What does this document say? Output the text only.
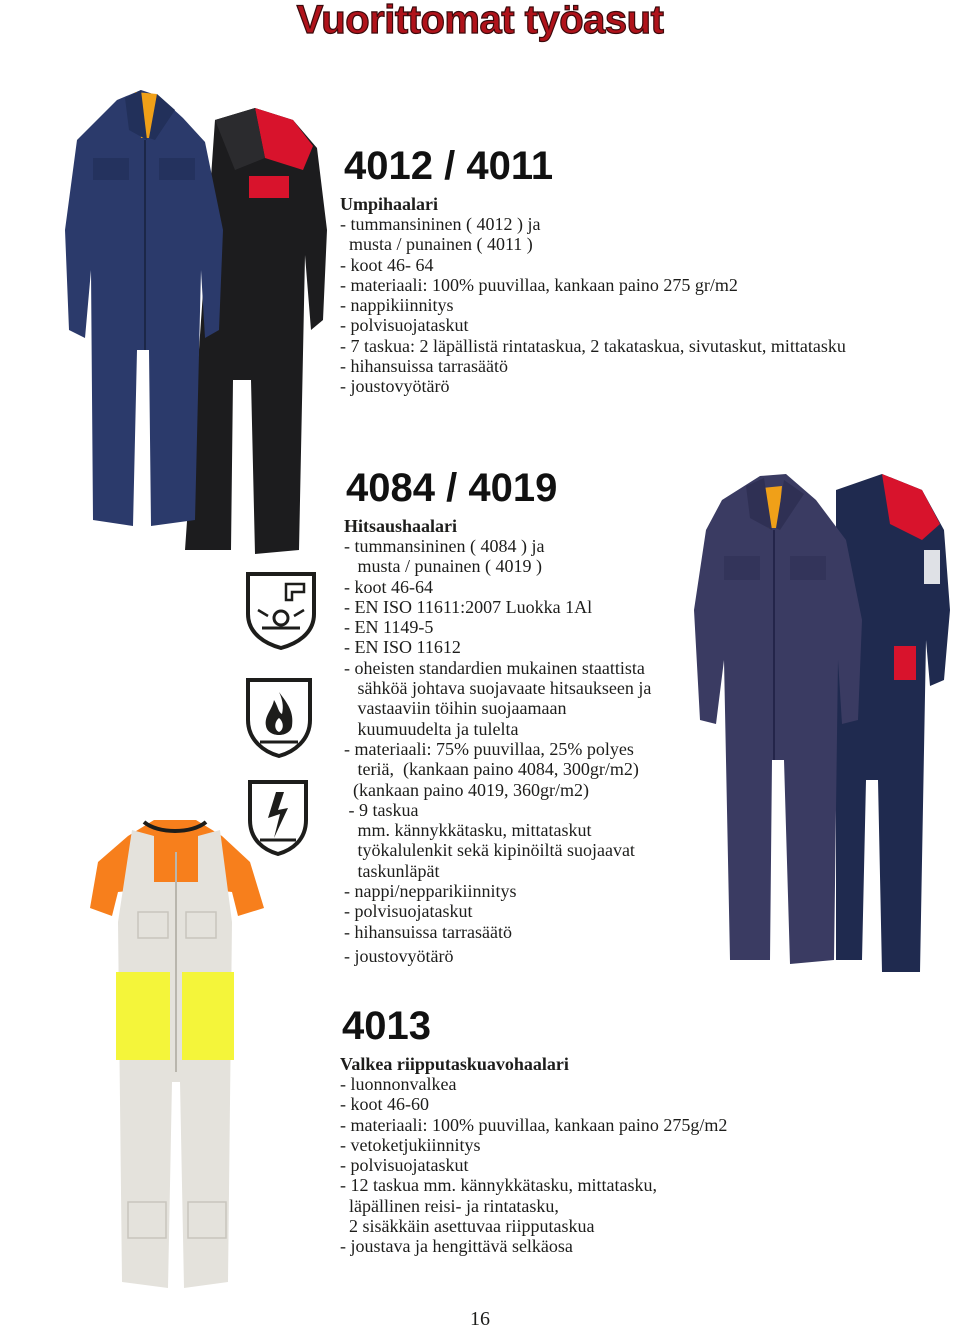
Vuorittomat työasut
4012 / 4011
Umpihaalari
- tummansininen ( 4012 ) ja
musta / punainen ( 4011 )
- koot 46- 64
- materiaali: 100% puuvillaa, kankaan paino 275 gr/m2
- nappikiinnitys
- polvisuojataskut
- 7 taskua: 2 läpällistä rintataskua, 2 takataskua, sivutaskut, mittatasku
- hihansuissa tarrasäätö
- joustovyötärö
4084 / 4019
Hitsaushaalari
- tummansininen ( 4084 ) ja
musta / punainen ( 4019 )
- koot 46-64
- EN ISO 11611:2007 Luokka 1Al
- EN 1149-5
- EN ISO 11612
- oheisten standardien mukainen staattista
sähköä johtava suojavaate hitsaukseen ja
vastaaviin töihin suojaamaan
kuumuudelta ja tulelta
- materiaali: 75% puuvillaa, 25% polyes
teriä,  (kankaan paino 4084, 300gr/m2)
(kankaan paino 4019, 360gr/m2)
- 9 taskua
mm. kännykkätasku, mittataskut
työkalulenkit sekä kipinöiltä suojaavat
taskunläpät
- nappi/nepparikiinnitys
- polvisuojataskut
- hihansuissa tarrasäätö
- joustovyötärö
4013
Valkea riipputaskuavohaalari
- luonnonvalkea
- koot 46-60
- materiaali: 100% puuvillaa, kankaan paino 275g/m2
- vetoketjukiinnitys
- polvisuojataskut
- 12 taskua mm. kännykkätasku, mittatasku,
läpällinen reisi- ja rintatasku,
2 sisäkkäin asettuvaa riipputaskua
- joustava ja hengittävä selkäosa
16
